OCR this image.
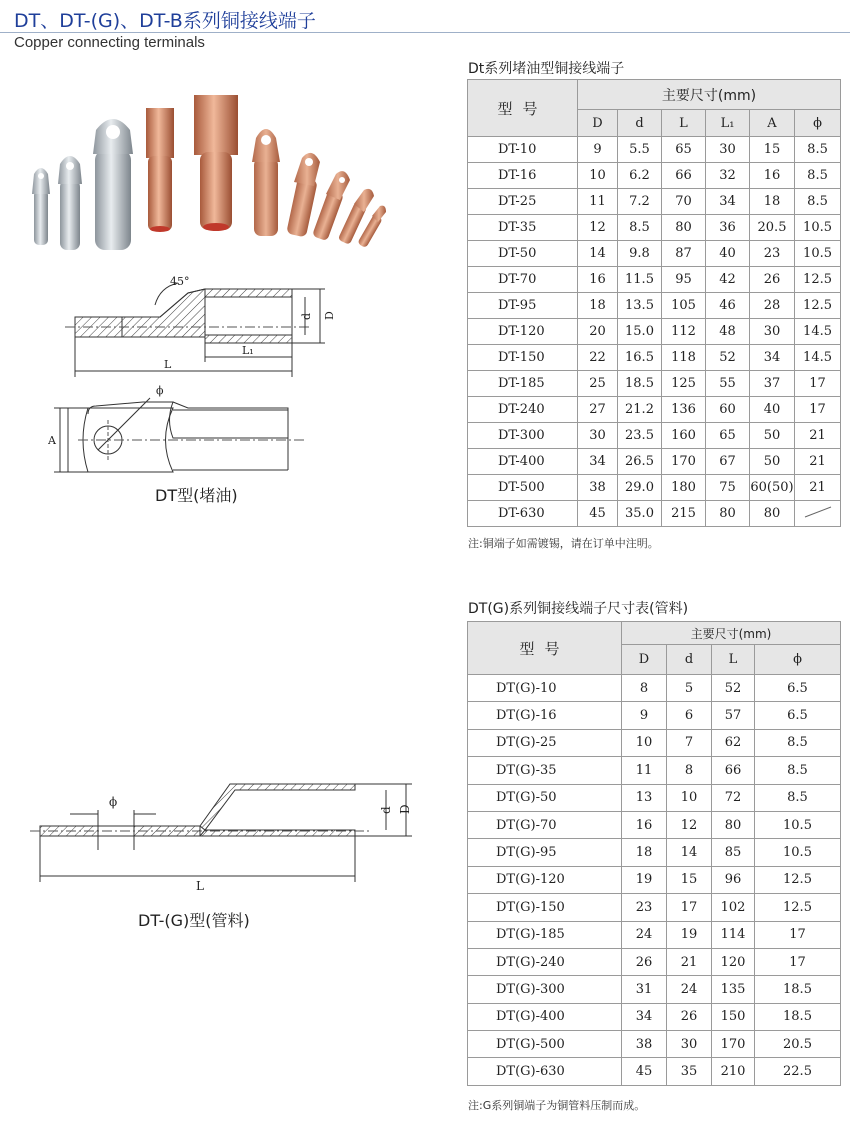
DT、DT-(G)、DT-B系列铜接线端子
Copper connecting terminals
45°
d D
L₁
L
ϕ
A
DT型(堵油)
ϕ
d D
L
DT-(G)型(管料)
Dt系列堵油型铜接线端子
型号	主要尺寸(mm)					
	D	d	L	L₁	A	ϕ
DT-10	9	5.5	65	30	15	8.5
DT-16	10	6.2	66	32	16	8.5
DT-25	11	7.2	70	34	18	8.5
DT-35	12	8.5	80	36	20.5	10.5
DT-50	14	9.8	87	40	23	10.5
DT-70	16	11.5	95	42	26	12.5
DT-95	18	13.5	105	46	28	12.5
DT-120	20	15.0	112	48	30	14.5
DT-150	22	16.5	118	52	34	14.5
DT-185	25	18.5	125	55	37	17
DT-240	27	21.2	136	60	40	17
DT-300	30	23.5	160	65	50	21
DT-400	34	26.5	170	67	50	21
DT-500	38	29.0	180	75	60(50)	21
DT-630	45	35.0	215	80	80	
注:铜端子如需镀锡，请在订单中注明。
DT(G)系列铜接线端子尺寸表(管料)
型号	主要尺寸(mm)			
	D	d	L	ϕ
DT(G)-10	8	5	52	6.5
DT(G)-16	9	6	57	6.5
DT(G)-25	10	7	62	8.5
DT(G)-35	11	8	66	8.5
DT(G)-50	13	10	72	8.5
DT(G)-70	16	12	80	10.5
DT(G)-95	18	14	85	10.5
DT(G)-120	19	15	96	12.5
DT(G)-150	23	17	102	12.5
DT(G)-185	24	19	114	17
DT(G)-240	26	21	120	17
DT(G)-300	31	24	135	18.5
DT(G)-400	34	26	150	18.5
DT(G)-500	38	30	170	20.5
DT(G)-630	45	35	210	22.5
注:G系列铜端子为铜管料压制而成。
